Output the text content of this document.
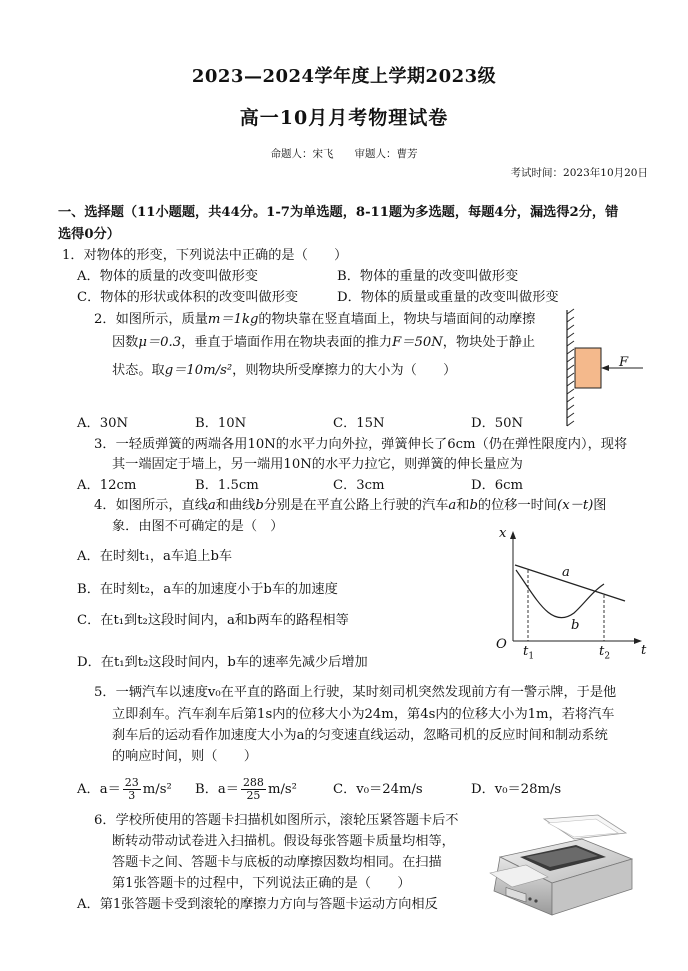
2023—2024学年度上学期2023级
高一10月月考物理试卷
命题人：宋飞　　审题人：曹芳
考试时间：2023年10月20日
一、选择题（11小题题，共44分。1-7为单选题，8-11题为多选题，每题4分，漏选得2分，错
选得0分）
1．对物体的形变，下列说法中正确的是（　　）
A．物体的质量的改变叫做形变	B．物体的重量的改变叫做形变
C．物体的形状或体积的改变叫做形变	D．物体的质量或重量的改变叫做形变
2．如图所示，质量m＝1kg的物块靠在竖直墙面上，物块与墙面间的动摩擦
因数μ＝0.3，垂直于墙面作用在物块表面的推力F＝50N，物块处于静止
状态。取g＝10m/s²，则物块所受摩擦力的大小为（　　）
F
A．30N	B．10N	C．15N	D．50N
3．一轻质弹簧的两端各用10N的水平力向外拉，弹簧伸长了6cm（仍在弹性限度内），现将
其一端固定于墙上，另一端用10N的水平力拉它，则弹簧的伸长量应为
A．12cm	B．1.5cm	C．3cm	D．6cm
4．如图所示，直线a和曲线b分别是在平直公路上行驶的汽车a和b的位移一时间(x－t)图
象．由图不可确定的是（　）
A．在时刻t₁，a车追上b车
B．在时刻t₂，a车的加速度小于b车的加速度
C．在t₁到t₂这段时间内，a和b两车的路程相等
D．在t₁到t₂这段时间内，b车的速率先减少后增加
x
t
O
a
b
$t_1$	$t_2$
5．一辆汽车以速度v₀在平直的路面上行驶，某时刻司机突然发现前方有一警示牌，于是他
立即刹车。汽车刹车后第1s内的位移大小为24m，第4s内的位移大小为1m，若将汽车
刹车后的运动看作加速度大小为a的匀变速直线运动，忽略司机的反应时间和制动系统
的响应时间，则（　　）
A．$a= \frac{23}{3} m/s^2$ B．$a= \frac{288}{25} m/s^2$	C．v₀＝24m/s	D．v₀＝28m/s
6．学校所使用的答题卡扫描机如图所示，滚轮压紧答题卡后不
断转动带动试卷进入扫描机。假设每张答题卡质量均相等，
答题卡之间、答题卡与底板的动摩擦因数均相同。在扫描
第1张答题卡的过程中，下列说法正确的是（　　）
A．第1张答题卡受到滚轮的摩擦力方向与答题卡运动方向相反
